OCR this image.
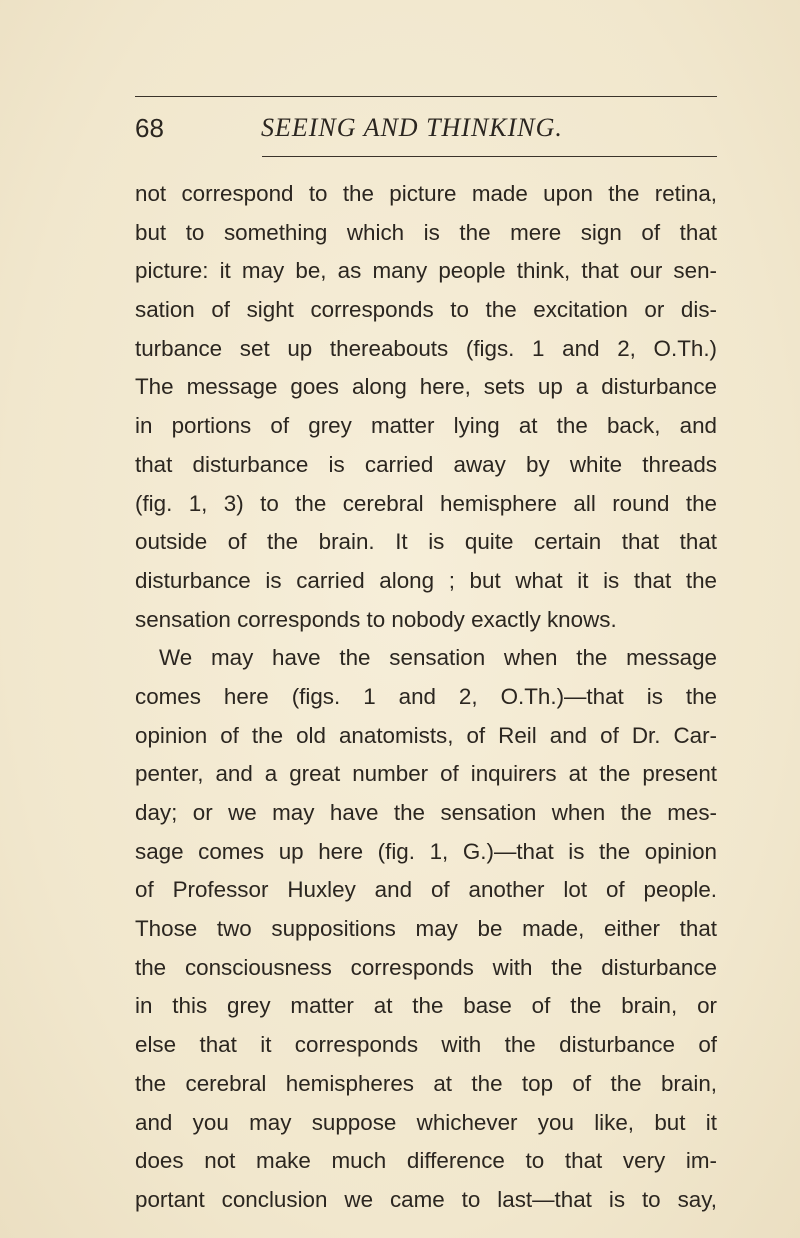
68	SEEING AND THINKING.
not correspond to the picture made upon the retina,
but to something which is the mere sign of that
picture: it may be, as many people think, that our sen-
sation of sight corresponds to the excitation or dis-
turbance set up thereabouts (figs. 1 and 2, O.Th.)
The message goes along here, sets up a disturbance
in portions of grey matter lying at the back, and
that disturbance is carried away by white threads
(fig. 1, 3) to the cerebral hemisphere all round the
outside of the brain. It is quite certain that that
disturbance is carried along ; but what it is that the
sensation corresponds to nobody exactly knows.
We may have the sensation when the message
comes here (figs. 1 and 2, O.Th.)—that is the
opinion of the old anatomists, of Reil and of Dr. Car-
penter, and a great number of inquirers at the present
day; or we may have the sensation when the mes-
sage comes up here (fig. 1, G.)—that is the opinion
of Professor Huxley and of another lot of people.
Those two suppositions may be made, either that
the consciousness corresponds with the disturbance
in this grey matter at the base of the brain, or
else that it corresponds with the disturbance of
the cerebral hemispheres at the top of the brain,
and you may suppose whichever you like, but it
does not make much difference to that very im-
portant conclusion we came to last—that is to say,
